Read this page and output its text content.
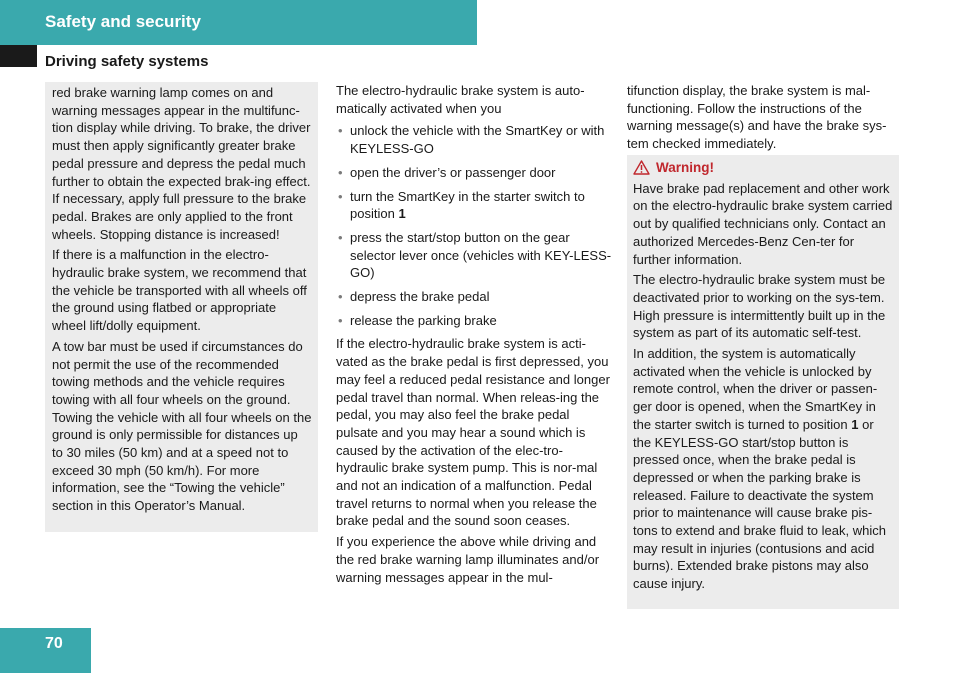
Safety and security
Driving safety systems

red brake warning lamp comes on and warning messages appear in the multifunc-tion display while driving. To brake, the driver must then apply significantly greater brake pedal pressure and depress the pedal much further to obtain the expected brak-ing effect. If necessary, apply full pressure to the brake pedal. Brakes are only applied to the front wheels. Stopping distance is increased!

If there is a malfunction in the electro-hydraulic brake system, we recommend that the vehicle be transported with all wheels off the ground using flatbed or appropriate wheel lift/dolly equipment.

A tow bar must be used if circumstances do not permit the use of the recommended towing methods and the vehicle requires towing with all four wheels on the ground. Towing the vehicle with all four wheels on the ground is only permissible for distances up to 30 miles (50 km) and at a speed not to exceed 30 mph (50 km/h). For more information, see the “Towing the vehicle” section in this Operator’s Manual.

The electro-hydraulic brake system is auto-matically activated when you

• unlock the vehicle with the SmartKey or with KEYLESS-GO
• open the driver’s or passenger door
• turn the SmartKey in the starter switch to position 1
• press the start/stop button on the gear selector lever once (vehicles with KEY-LESS-GO)
• depress the brake pedal
• release the parking brake

If the electro-hydraulic brake system is acti-vated as the brake pedal is first depressed, you may feel a reduced pedal resistance and longer pedal travel than normal. When releas-ing the pedal, you may also feel the brake pedal pulsate and you may hear a sound which is caused by the activation of the elec-tro-hydraulic brake system pump. This is nor-mal and not an indication of a malfunction. Pedal travel returns to normal when you release the brake pedal and the sound soon ceases.

If you experience the above while driving and the red brake warning lamp illuminates and/or warning messages appear in the mul-

tifunction display, the brake system is mal-functioning. Follow the instructions of the warning message(s) and have the brake sys-tem checked immediately.

Warning!

Have brake pad replacement and other work on the electro-hydraulic brake system carried out by qualified technicians only. Contact an authorized Mercedes-Benz Cen-ter for further information.

The electro-hydraulic brake system must be deactivated prior to working on the sys-tem. High pressure is intermittently built up in the system as part of its automatic self-test.

In addition, the system is automatically activated when the vehicle is unlocked by remote control, when the driver or passen-ger door is opened, when the SmartKey in the starter switch is turned to position 1 or the KEYLESS-GO start/stop button is pressed once, when the brake pedal is depressed or when the parking brake is released. Failure to deactivate the system prior to maintenance will cause brake pis-tons to extend and brake fluid to leak, which may result in injuries (contusions and acid burns). Extended brake pistons may also cause injury.

70
